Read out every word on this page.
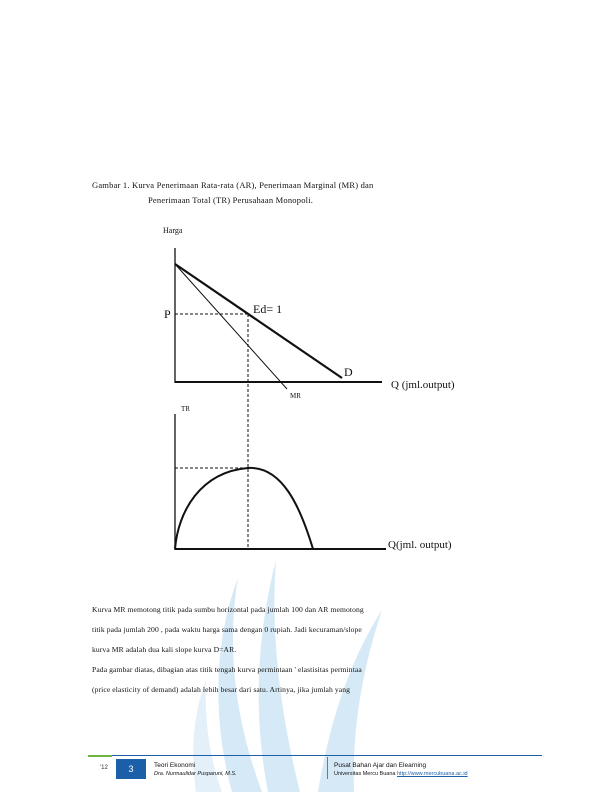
Gambar 1. Kurva Penerimaan Rata-rata (AR), Penerimaan Marginal (MR) dan
Penerimaan Total (TR) Perusahaan Monopoli.
Harga
P	Ed= 1
D
MR
Q (jml.output)
TR
Q(jml. output)

Kurva MR memotong titik pada sumbu horizontal pada jumlah 100 dan AR memotong

titik pada jumlah 200 , pada waktu harga sama dengan 0 rupiah. Jadi kecuraman/slope

kurva MR adalah dua kali slope kurva D=AR.

Pada gambar diatas, dibagian atas titik tengah kurva permintaan ' elastisitas permintaa

(price elasticity of demand) adalah lebih besar dari satu. Artinya, jika jumlah yang

'12	3	Teori Ekonomi
Dra. Nurmaulidar Pusparuni, M.S.
Pusat Bahan Ajar dan Elearning
Universitas Mercu Buana http://www.mercubuana.ac.id
